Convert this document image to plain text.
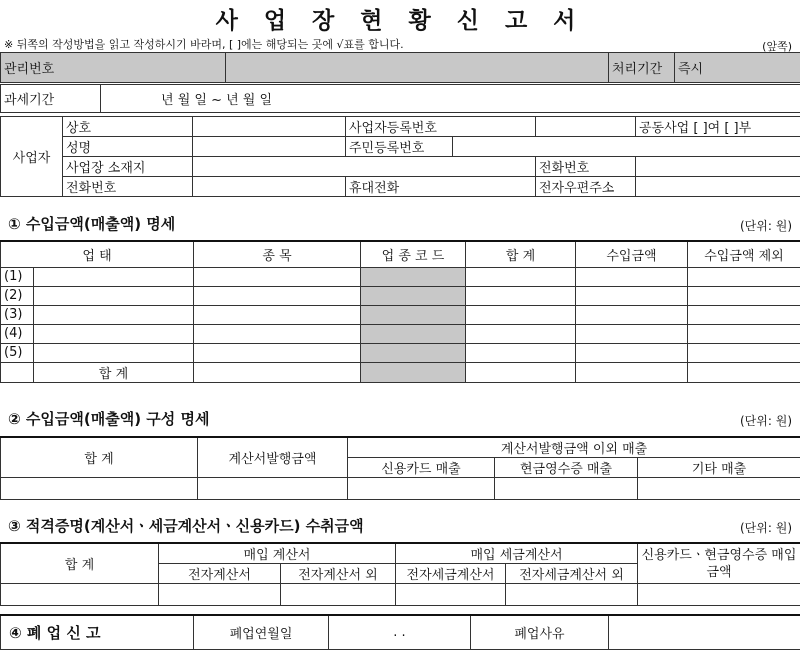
사 업 장 현 황 신 고 서
※ 뒤쪽의 작성방법을 읽고 작성하시기 바라며, [ ]에는 해당되는 곳에 √표를 합니다.	(앞쪽)
관리번호		처리기간	즉시
과세기간	년 월 일 ~ 년 월 일
사업자	상호		사업자등록번호			공동사업 [ ]여 [ ]부
	성명		주민등록번호			
	사업장 소재지				전화번호	
	전화번호		휴대전화		전자우편주소	
① 수입금액(매출액) 명세	(단위: 원)
업 태		종 목	업 종 코 드	합 계	수입금액	수입금액 제외
(1)						
(2)						
(3)						
(4)						
(5)						
	합 계					
② 수입금액(매출액) 구성 명세	(단위: 원)
합 계	계산서발행금액	계산서발행금액 이외 매출		
		신용카드 매출	현금영수증 매출	기타 매출

③ 적격증명(계산서ㆍ세금계산서ㆍ신용카드) 수취금액	(단위: 원)
합 계	매입 계산서		매입 세금계산서		신용카드ㆍ현금영수증 매입금액
	전자계산서	전자계산서 외	전자세금계산서	전자세금계산서 외	

④ 폐 업 신 고	폐업연월일	. .	폐업사유	
